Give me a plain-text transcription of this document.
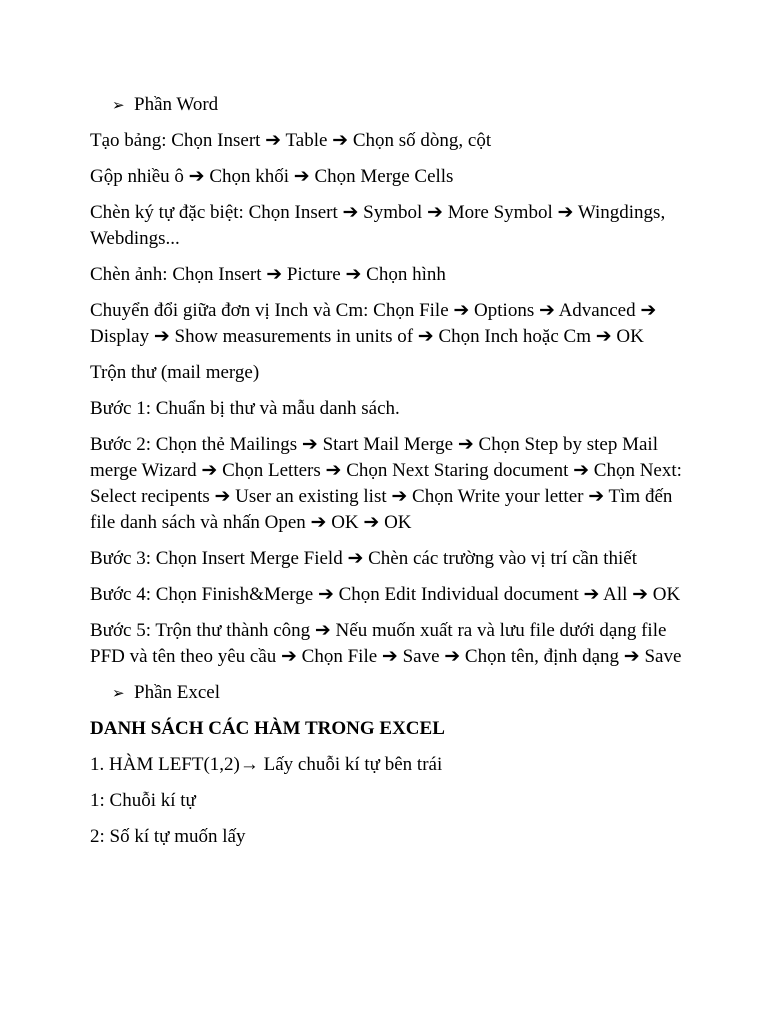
➢ Phần Word

Tạo bảng: Chọn Insert ➔ Table ➔ Chọn số dòng, cột

Gộp nhiều ô ➔ Chọn khối ➔ Chọn Merge Cells

Chèn ký tự đặc biệt: Chọn Insert ➔ Symbol ➔ More Symbol ➔ Wingdings, Webdings...

Chèn ảnh: Chọn Insert ➔ Picture ➔ Chọn hình

Chuyển đổi giữa đơn vị Inch và Cm: Chọn File ➔ Options ➔ Advanced ➔ Display ➔ Show measurements in units of ➔ Chọn Inch hoặc Cm ➔ OK

Trộn thư (mail merge)

Bước 1: Chuẩn bị thư và mẫu danh sách.

Bước 2: Chọn thẻ Mailings ➔ Start Mail Merge ➔ Chọn Step by step Mail merge Wizard ➔ Chọn Letters ➔ Chọn Next Staring document ➔ Chọn Next: Select recipents ➔ User an existing list ➔ Chọn Write your letter ➔ Tìm đến file danh sách và nhấn Open ➔ OK ➔ OK

Bước 3: Chọn Insert Merge Field ➔ Chèn các trường vào vị trí cần thiết

Bước 4: Chọn Finish&Merge ➔ Chọn Edit Individual document ➔ All ➔ OK

Bước 5: Trộn thư thành công ➔ Nếu muốn xuất ra và lưu file dưới dạng file PFD và tên theo yêu cầu ➔ Chọn File ➔ Save ➔ Chọn tên, định dạng ➔ Save

➢ Phần Excel

DANH SÁCH CÁC HÀM TRONG EXCEL

1. HÀM LEFT(1,2)→ Lấy chuỗi kí tự bên trái

1: Chuỗi kí tự

2: Số kí tự muốn lấy
